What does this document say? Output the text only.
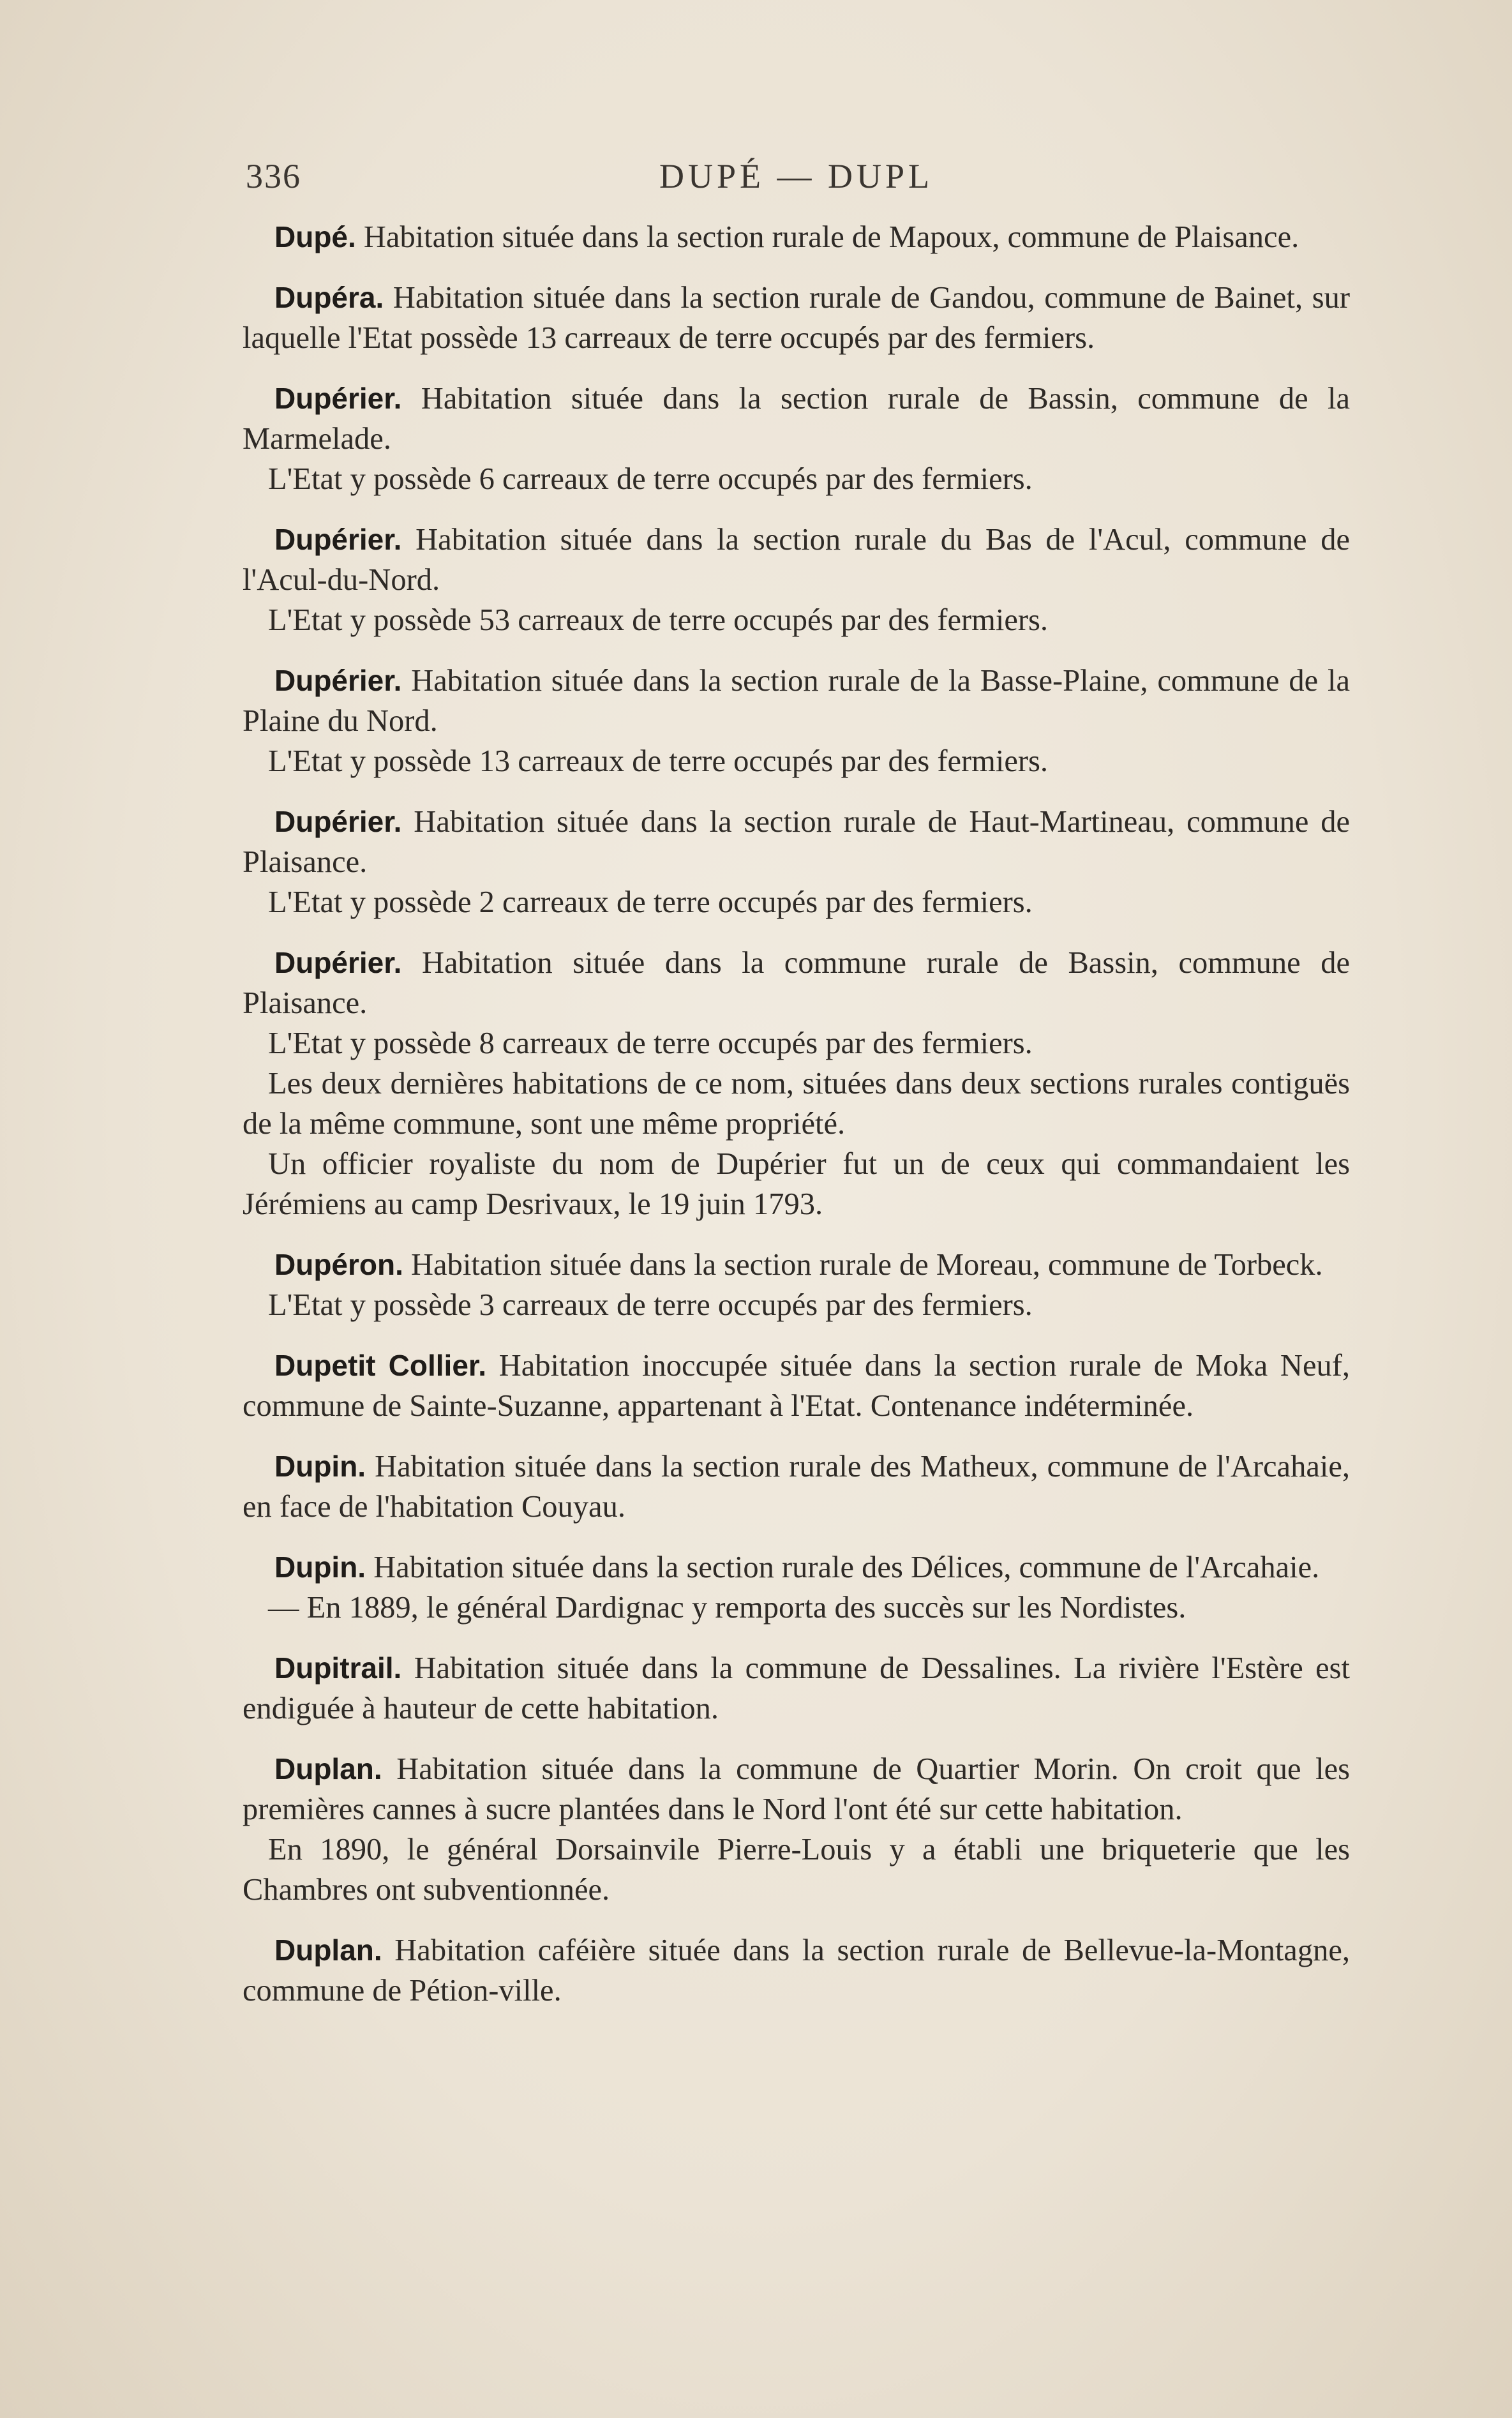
336	DUPÉ — DUPL

Dupé. Habitation située dans la section rurale de Mapoux, commune de Plaisance.

Dupéra. Habitation située dans la section rurale de Gandou, commune de Bainet, sur laquelle l'Etat possède 13 carreaux de terre occupés par des fermiers.

Dupérier. Habitation située dans la section rurale de Bassin, commune de la Marmelade.

L'Etat y possède 6 carreaux de terre occupés par des fermiers.

Dupérier. Habitation située dans la section rurale du Bas de l'Acul, commune de l'Acul-du-Nord.

L'Etat y possède 53 carreaux de terre occupés par des fermiers.

Dupérier. Habitation située dans la section rurale de la Basse-Plaine, commune de la Plaine du Nord.

L'Etat y possède 13 carreaux de terre occupés par des fermiers.

Dupérier. Habitation située dans la section rurale de Haut-Martineau, commune de Plaisance.

L'Etat y possède 2 carreaux de terre occupés par des fermiers.

Dupérier. Habitation située dans la commune rurale de Bassin, commune de Plaisance.

L'Etat y possède 8 carreaux de terre occupés par des fermiers.

Les deux dernières habitations de ce nom, situées dans deux sections rurales contiguës de la même commune, sont une même propriété.

Un officier royaliste du nom de Dupérier fut un de ceux qui commandaient les Jérémiens au camp Desrivaux, le 19 juin 1793.

Dupéron. Habitation située dans la section rurale de Moreau, commune de Torbeck.

L'Etat y possède 3 carreaux de terre occupés par des fermiers.

Dupetit Collier. Habitation inoccupée située dans la section rurale de Moka Neuf, commune de Sainte-Suzanne, appartenant à l'Etat. Contenance indéterminée.

Dupin. Habitation située dans la section rurale des Matheux, commune de l'Arcahaie, en face de l'habitation Couyau.

Dupin. Habitation située dans la section rurale des Délices, commune de l'Arcahaie.

— En 1889, le général Dardignac y remporta des succès sur les Nordistes.

Dupitrail. Habitation située dans la commune de Dessalines. La rivière l'Estère est endiguée à hauteur de cette habitation.

Duplan. Habitation située dans la commune de Quartier Morin. On croit que les premières cannes à sucre plantées dans le Nord l'ont été sur cette habitation.

En 1890, le général Dorsainvile Pierre-Louis y a établi une briqueterie que les Chambres ont subventionnée.

Duplan. Habitation caféière située dans la section rurale de Bellevue-la-Montagne, commune de Pétion-ville.
